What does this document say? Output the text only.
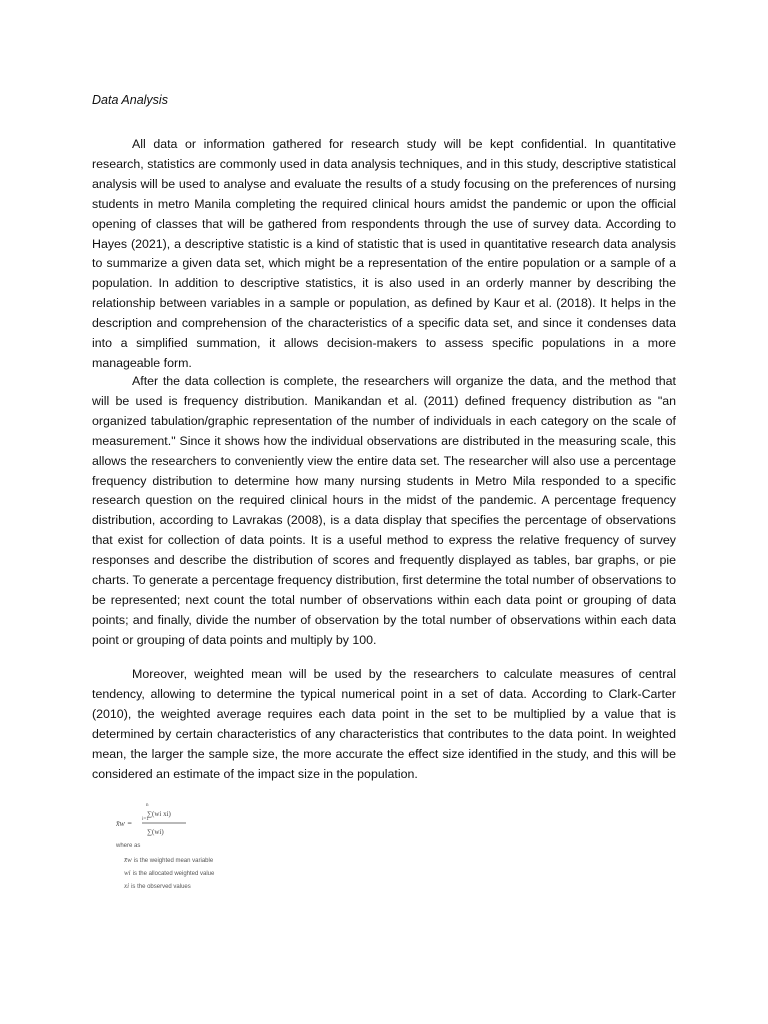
Data Analysis

All data or information gathered for research study will be kept confidential. In quantitative research, statistics are commonly used in data analysis techniques, and in this study, descriptive statistical analysis will be used to analyse and evaluate the results of a study focusing on the preferences of nursing students in metro Manila completing the required clinical hours amidst the pandemic or upon the official opening of classes that will be gathered from respondents through the use of survey data. According to Hayes (2021), a descriptive statistic is a kind of statistic that is used in quantitative research data analysis to summarize a given data set, which might be a representation of the entire population or a sample of a population. In addition to descriptive statistics, it is also used in an orderly manner by describing the relationship between variables in a sample or population, as defined by Kaur et al. (2018). It helps in the description and comprehension of the characteristics of a specific data set, and since it condenses data into a simplified summation, it allows decision-makers to assess specific populations in a more manageable form.

After the data collection is complete, the researchers will organize the data, and the method that will be used is frequency distribution. Manikandan et al. (2011) defined frequency distribution as "an organized tabulation/graphic representation of the number of individuals in each category on the scale of measurement." Since it shows how the individual observations are distributed in the measuring scale, this allows the researchers to conveniently view the entire data set. The researcher will also use a percentage frequency distribution to determine how many nursing students in Metro Mila responded to a specific research question on the required clinical hours in the midst of the pandemic. A percentage frequency distribution, according to Lavrakas (2008), is a data display that specifies the percentage of observations that exist for collection of data points. It is a useful method to express the relative frequency of survey responses and describe the distribution of scores and frequently displayed as tables, bar graphs, or pie charts. To generate a percentage frequency distribution, first determine the total number of observations to be represented; next count the total number of observations within each data point or grouping of data points; and finally, divide the number of observation by the total number of observations within each data point or grouping of data points and multiply by 100.

Moreover, weighted mean will be used by the researchers to calculate measures of central tendency, allowing to determine the typical numerical point in a set of data. According to Clark-Carter (2010), the weighted average requires each data point in the set to be multiplied by a value that is determined by certain characteristics of any characteristics that contributes to the data point. In weighted mean, the larger the sample size, the more accurate the effect size identified in the study, and this will be considered an estimate of the impact size in the population.

x̄w =
n
∑(wi xi)
i=1
∑(wi)
where as
x̄w is the weighted mean variable
wi is the allocated weighted value
xi is the observed values
